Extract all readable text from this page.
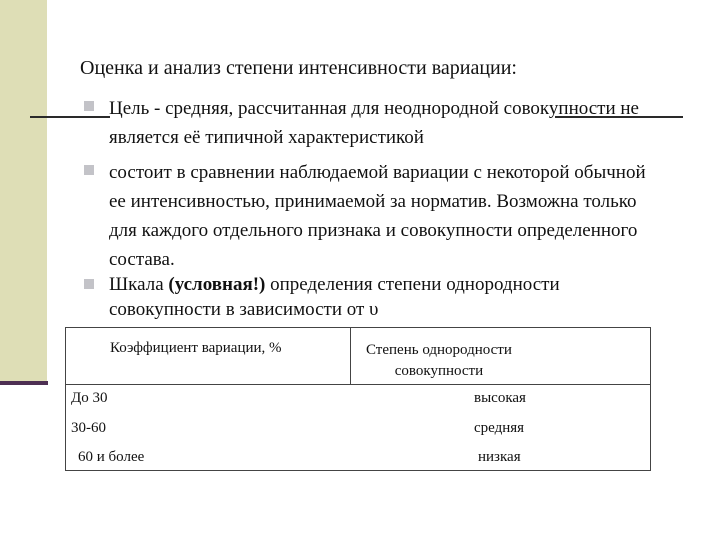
Оценка и анализ степени интенсивности вариации:
Цель - средняя, рассчитанная для неоднородной совокупности не является её типичной характеристикой
состоит в сравнении наблюдаемой вариации с некоторой обычной ее интенсивностью, принимаемой за норматив. Возможна только для каждого отдельного признака и совокупности определенного состава.
Шкала (условная!) определения степени однородности совокупности в зависимости от υ
Коэффициент вариации, %	Степень однородности
совокупности
До 30	высокая
30-60	средняя
60 и более	низкая
